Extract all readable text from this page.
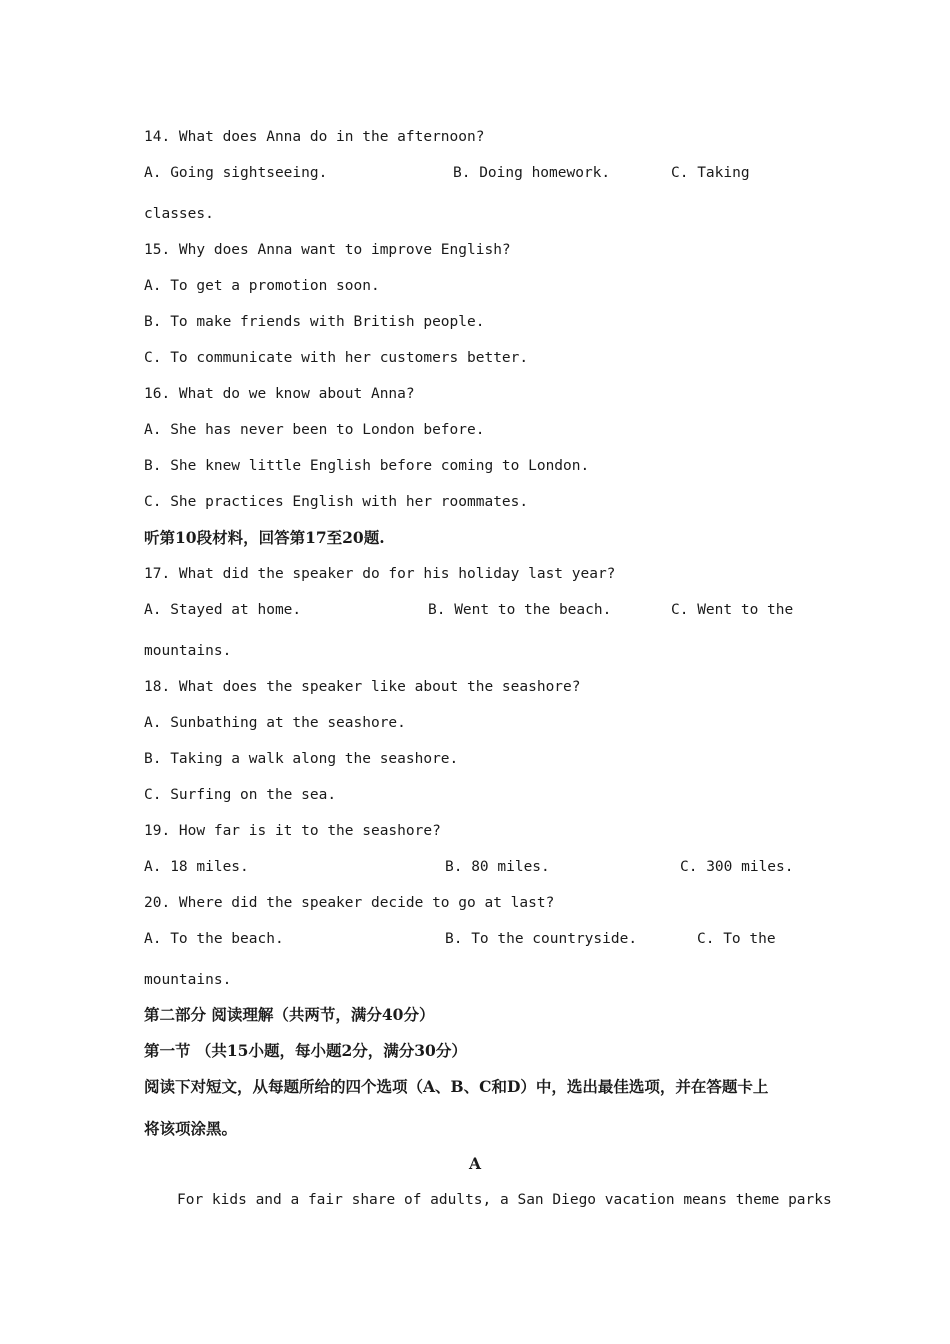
14. What does Anna do in the afternoon?
A. Going sightseeing.	B. Doing homework.	C. Taking
classes.
15. Why does Anna want to improve English?
A. To get a promotion soon.
B. To make friends with British people.
C. To communicate with her customers better.
16. What do we know about Anna?
A. She has never been to London before.
B. She knew little English before coming to London.
C. She practices English with her roommates.
听第10段材料，回答第17至20题.
17. What did the speaker do for his holiday last year?
A. Stayed at home.	B. Went to the beach.	C. Went to the
mountains.
18. What does the speaker like about the seashore?
A. Sunbathing at the seashore.
B. Taking a walk along the seashore.
C. Surfing on the sea.
19. How far is it to the seashore?
A. 18 miles.	B. 80 miles.	C. 300 miles.
20. Where did the speaker decide to go at last?
A. To the beach.	B. To the countryside.	C. To the
mountains.
第二部分 阅读理解（共两节，满分40分）
第一节 （共15小题，每小题2分，满分30分）
阅读下对短文，从每题所给的四个选项（A、B、C和D）中，选出最佳选项，并在答题卡上
将该项涂黑。
A
For kids and a fair share of adults, a San Diego vacation means theme parks
